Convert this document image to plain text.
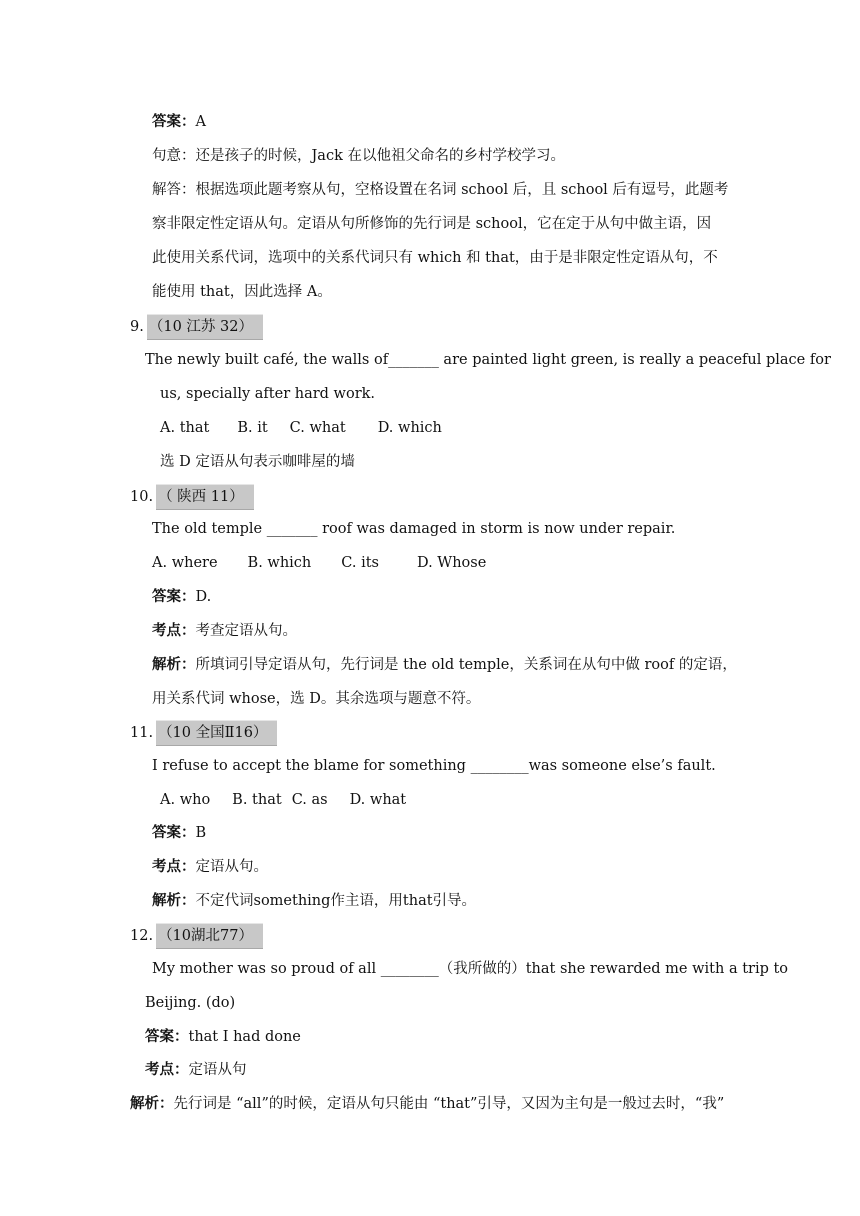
答案：A
句意：还是孩子的时候，Jack 在以他祖父命名的乡村学校学习。
解答：根据选项此题考察从句，空格设置在名词 school 后，且 school 后有逗号，此题考
察非限定性定语从句。定语从句所修饰的先行词是 school，它在定于从句中做主语，因
此使用关系代词，选项中的关系代词只有 which 和 that，由于是非限定性定语从句，不
能使用 that，因此选择 A。
9. （10 江苏 32）
The newly built café, the walls of_______ are painted light green, is really a peaceful place for
us, specially after hard work.
A. that B. it C. what D. which
选 D 定语从句表示咖啡屋的墙
10. （ 陕西 11）
The old temple _______ roof was damaged in storm is now under repair.
A. where B. which C. its	D. Whose
答案：D.
考点：考查定语从句。
解析：所填词引导定语从句，先行词是 the old temple，关系词在从句中做 roof 的定语，
用关系代词 whose，选 D。其余选项与题意不符。
11. （10 全国Ⅱ16）
I refuse to accept the blame for something ________was someone else’s fault.
A. who B. that C. as D. what
答案：B
考点：定语从句。
解析：不定代词something作主语，用that引导。
12. （10湖北77）
My mother was so proud of all ________（我所做的）that she rewarded me with a trip to
Beijing. (do)
答案：that I had done
考点：定语从句
解析：先行词是 “all”的时候，定语从句只能由 “that”引导，又因为主句是一般过去时，“我”
